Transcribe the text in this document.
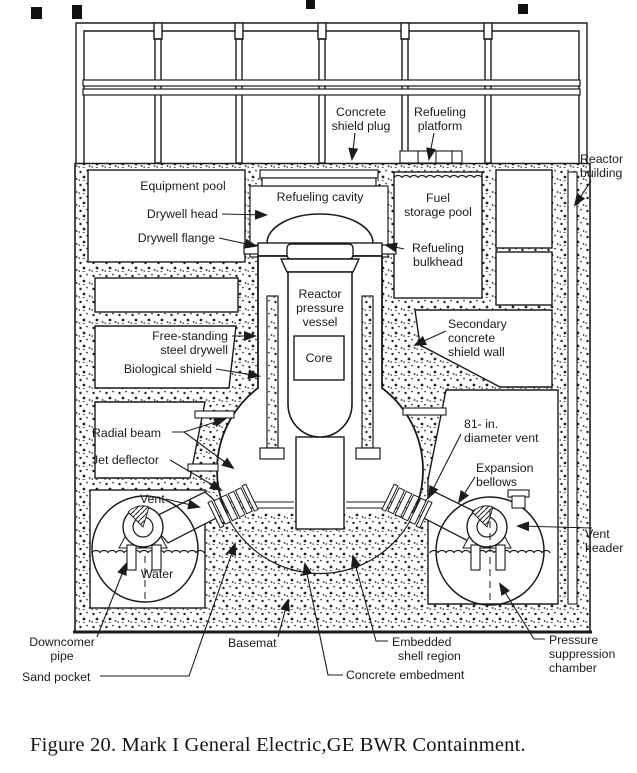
Concrete
shield plug
Refueling
platform
Reactor
building
Equipment pool
Drywell head
Drywell flange
Refueling cavity	Fuel
storage pool
Refueling
bulkhead
Reactor
pressure
vessel
Core
Free-standing
steel drywell
Biological shield
Secondary
concrete
shield wall
Radial beam
Jet deflector
Vent
Water
Downcomer
pipe
Sand pocket
Basemat
Concrete embedment
Embedded
shell region
Pressure
suppression
chamber
Vent
header
Expansion
bellows
81- in.
diameter vent
Figure 20. Mark I General Electric,GE BWR Containment.
